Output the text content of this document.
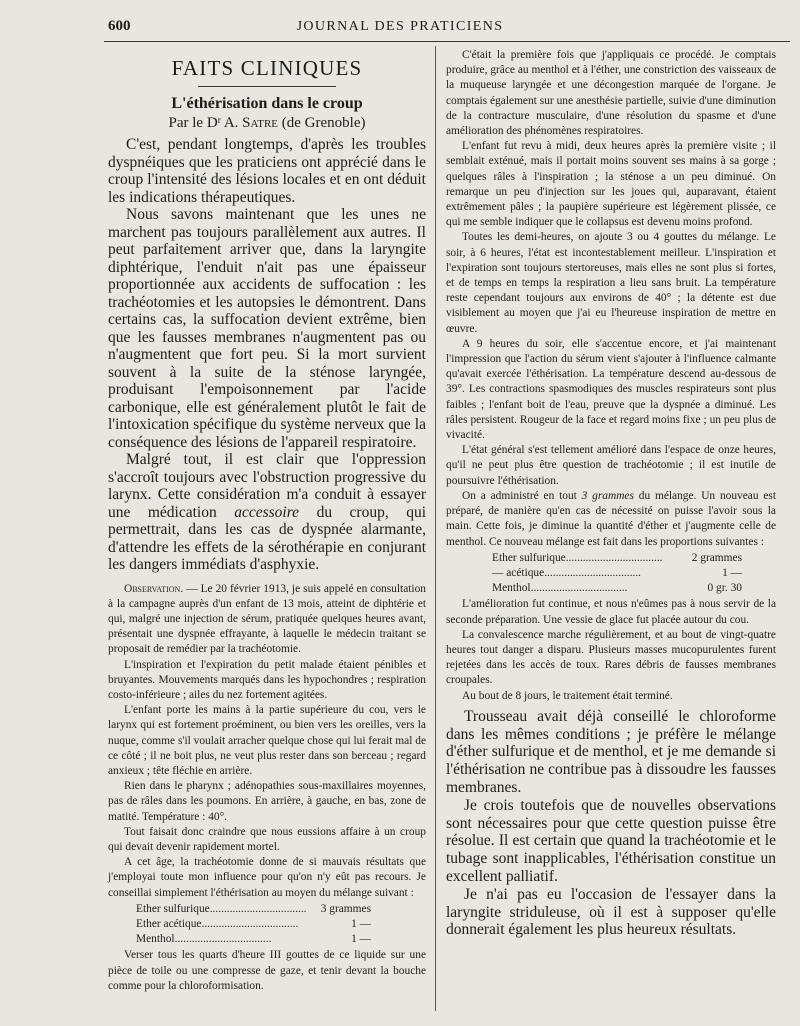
600	JOURNAL DES PRATICIENS
FAITS CLINIQUES
L'éthérisation dans le croup
Par le Dʳ A. Satre (de Grenoble)

C'est, pendant longtemps, d'après les troubles dyspnéiques que les praticiens ont apprécié dans le croup l'intensité des lésions locales et en ont déduit les indications thérapeutiques.

Nous savons maintenant que les unes ne marchent pas toujours parallèlement aux autres. Il peut parfaitement arriver que, dans la laryngite diphtérique, l'enduit n'ait pas une épaisseur proportionnée aux accidents de suffocation : les trachéotomies et les autopsies le démontrent. Dans certains cas, la suffocation devient extrême, bien que les fausses membranes n'augmentent pas ou n'augmentent que fort peu. Si la mort survient souvent à la suite de la sténose laryngée, produisant l'empoisonnement par l'acide carbonique, elle est généralement plutôt le fait de l'intoxication spécifique du système nerveux que la conséquence des lésions de l'appareil respiratoire.

Malgré tout, il est clair que l'oppression s'accroît toujours avec l'obstruction progressive du larynx. Cette considération m'a conduit à essayer une médication accessoire du croup, qui permettrait, dans les cas de dyspnée alarmante, d'attendre les effets de la sérothérapie en conjurant les dangers immédiats d'asphyxie.

Observation. — Le 20 février 1913, je suis appelé en consultation à la campagne auprès d'un enfant de 13 mois, atteint de diphtérie et qui, malgré une injection de sérum, pratiquée quelques heures avant, présentait une dyspnée effrayante, à laquelle le médecin traitant se proposait de remédier par la trachéotomie.

L'inspiration et l'expiration du petit malade étaient pénibles et bruyantes. Mouvements marqués dans les hypochondres ; respiration costo-inférieure ; ailes du nez fortement agitées.

L'enfant porte les mains à la partie supérieure du cou, vers le larynx qui est fortement proéminent, ou bien vers les oreilles, vers la nuque, comme s'il voulait arracher quelque chose qui lui ferait mal de ce côté ; il ne boit plus, ne veut plus rester dans son berceau ; regard anxieux ; tête fléchie en arrière.

Rien dans le pharynx ; adénopathies sous-maxillaires moyennes, pas de râles dans les poumons. En arrière, à gauche, en bas, zone de matité. Température : 40°.

Tout faisait donc craindre que nous eussions affaire à un croup qui devait devenir rapidement mortel.

A cet âge, la trachéotomie donne de si mauvais résultats que j'employai toute mon influence pour qu'on n'y eût pas recours. Je conseillai simplement l'éthérisation au moyen du mélange suivant :

Ether sulfurique ..................................	3 grammes
Ether acétique ..................................	1 —
Menthol ..................................	1 —

Verser tous les quarts d'heure III gouttes de ce liquide sur une pièce de toile ou une compresse de gaze, et tenir devant la bouche comme pour la chloroformisation.

C'était la première fois que j'appliquais ce procédé. Je comptais produire, grâce au menthol et à l'éther, une constriction des vaisseaux de la muqueuse laryngée et une décongestion marquée de l'organe. Je comptais également sur une anesthésie partielle, suivie d'une diminution de la contracture musculaire, d'une résolution du spasme et d'une amélioration des phénomènes respiratoires.

L'enfant fut revu à midi, deux heures après la première visite ; il semblait exténué, mais il portait moins souvent ses mains à sa gorge ; quelques râles à l'inspiration ; la sténose a un peu diminué. On remarque un peu d'injection sur les joues qui, auparavant, étaient extrêmement pâles ; la paupière supérieure est légèrement plissée, ce qui me semble indiquer que le collapsus est devenu moins profond.

Toutes les demi-heures, on ajoute 3 ou 4 gouttes du mélange. Le soir, à 6 heures, l'état est incontestablement meilleur. L'inspiration et l'expiration sont toujours stertoreuses, mais elles ne sont plus si fortes, et de temps en temps la respiration a lieu sans bruit. La température reste cependant toujours aux environs de 40° ; la détente est due visiblement au moyen que j'ai eu l'heureuse inspiration de mettre en œuvre.

A 9 heures du soir, elle s'accentue encore, et j'ai maintenant l'impression que l'action du sérum vient s'ajouter à l'influence calmante qu'avait exercée l'éthérisation. La température descend au-dessous de 39°. Les contractions spasmodiques des muscles respirateurs sont plus faibles ; l'enfant boit de l'eau, preuve que la dyspnée a diminué. Les râles persistent. Rougeur de la face et regard moins fixe ; un peu plus de vivacité.

L'état général s'est tellement amélioré dans l'espace de onze heures, qu'il ne peut plus être question de trachéotomie ; il est inutile de poursuivre l'éthérisation.

On a administré en tout 3 grammes du mélange. Un nouveau est préparé, de manière qu'en cas de nécessité on puisse l'avoir sous la main. Cette fois, je diminue la quantité d'éther et j'augmente celle de menthol. Ce nouveau mélange est fait dans les proportions suivantes :

Ether sulfurique ..................................	2 grammes
— acétique ..................................	1 —
Menthol ..................................	0 gr. 30

L'amélioration fut continue, et nous n'eûmes pas à nous servir de la seconde préparation. Une vessie de glace fut placée autour du cou.

La convalescence marche régulièrement, et au bout de vingt-quatre heures tout danger a disparu. Plusieurs masses mucopurulentes furent rejetées dans les accès de toux. Rares débris de fausses membranes croupales.

Au bout de 8 jours, le traitement était terminé.

Trousseau avait déjà conseillé le chloroforme dans les mêmes conditions ; je préfère le mélange d'éther sulfurique et de menthol, et je me demande si l'éthérisation ne contribue pas à dissoudre les fausses membranes.

Je crois toutefois que de nouvelles observations sont nécessaires pour que cette question puisse être résolue. Il est certain que quand la trachéotomie et le tubage sont inapplicables, l'éthérisation constitue un excellent palliatif.

Je n'ai pas eu l'occasion de l'essayer dans la laryngite striduleuse, où il est à supposer qu'elle donnerait également les plus heureux résultats.
